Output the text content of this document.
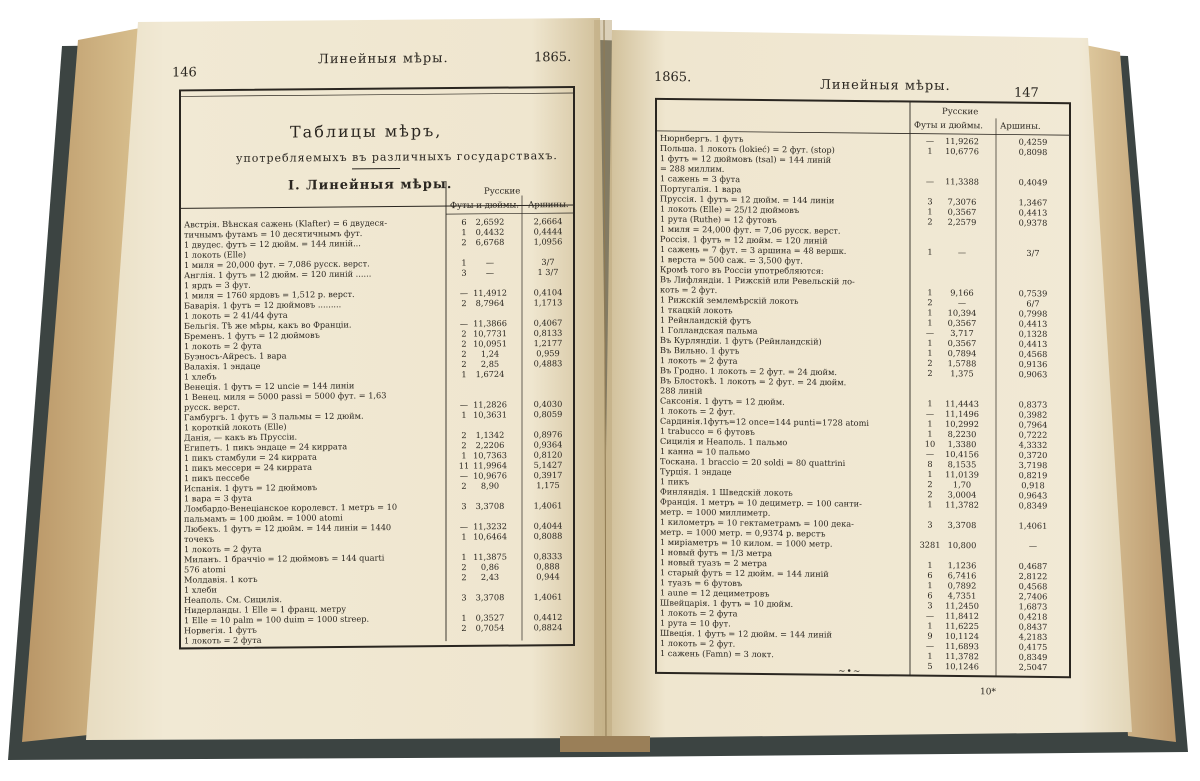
146
Линейныя мѣры.	1865.
Таблицы мѣръ,
употребляемыхъ въ различныхъ государствахъ.
I. Линейныя мѣры.	Русские
Футы и дюймы. Аршины.
Австрія. Вѣнская сажень (Klafter) = 6 двудеся-	6 2,6592	2,6664
тичнымъ футамъ = 10 десятичнымъ фут.	1 0,4432	0,4444
1 двудес. футъ = 12 дюйм. = 144 линій...	2 6,6768	1,0956
1 локоть (Elle)
1 миля = 20,000 фут. = 7,086 русск. верст.	1 —	3/7
Англія. 1 футъ = 12 дюйм. = 120 линій ......	3 —	1 3/7
1 ярдъ = 3 фут.
1 миля = 1760 ярдовъ = 1,512 р. верст.	— 11,4912	0,4104
Баварія. 1 футъ = 12 дюймовъ .........	2 8,7964	1,1713
1 локоть = 2 41/44 фута
Бельгія. Тѣ же мѣры, какъ во Франціи.	— 11,3866	0,4067
Бременъ. 1 футъ = 12 дюймовъ	2 10,7731	0,8133
1 локоть = 2 фута	2 10,0951	1,2177
Буэносъ-Айресъ. 1 вара	2 1,24	0,959
Валахія. 1 эндаце	2 2,85	0,4883
1 хлебъ	1 1,6724
Венеція. 1 футъ = 12 uncie = 144 линіи
1 Венец. миля = 5000 passi = 5000 фут. = 1,63
русск. верст.	— 11,2826	0,4030
Гамбургъ. 1 футъ = 3 пальмы = 12 дюйм.	1 10,3631	0,8059
1 короткій локоть (Elle)
Данія, — какъ въ Пруссіи.	2 1,1342	0,8976
Египетъ. 1 пикъ эндаце = 24 киррата	2 2,2206	0,9364
1 пикъ стамбули = 24 киррата	1 10,7363	0,8120
1 пикъ мессери = 24 киррата	11 11,9964	5,1427
1 пикъ пессебе	— 10,9676	0,3917
Испанія. 1 футъ = 12 дюймовъ	2 8,90	1,175
1 вара = 3 фута
Ломбардо-Венеціанское королевст. 1 метръ = 10	3 3,3708	1,4061
пальмамъ = 100 дюйм. = 1000 atomi
Любекъ. 1 футъ = 12 дюйм. = 144 линіи = 1440	— 11,3232	0,4044
точекъ	1 10,6464	0,8088
1 локоть = 2 фута
Миланъ. 1 браччіо = 12 дюймовъ = 144 quarti	1 11,3875	0,8333
576 atomi	2 0,86	0,888
Молдавія. 1 котъ	2 2,43	0,944
1 хлеби
Неаполь. См. Сицилія.	3 3,3708	1,4061
Нидерланды. 1 Elle = 1 франц. метру
1 Elle = 10 palm = 100 duim = 1000 streep.	1 0,3527	0,4412
Норвегія. 1 футъ	2 0,7054	0,8824
1 локоть = 2 фута
1865.
Линейныя мѣры.	147
Русские
Футы и дюймы. Аршины.
Нюрнбергъ. 1 футъ	— 11,9262	0,4259
Польша. 1 локоть (lokieć) = 2 фут. (stop)	1 10,6776	0,8098
1 футъ = 12 дюймовъ (tsal) = 144 линій
= 288 миллим.
1 сажень = 3 фута	— 11,3388	0,4049
Португалія. 1 вара
Пруссія. 1 футъ = 12 дюйм. = 144 линіи	3 7,3076	1,3467
1 локоть (Elle) = 25/12 дюймовъ	1 0,3567	0,4413
1 рута (Ruthe) = 12 футовъ	2 2,2579	0,9378
1 миля = 24,000 фут. = 7,06 русск. верст.
Россія. 1 футъ = 12 дюйм. = 120 линій
1 сажень = 7 фут. = 3 аршина = 48 вершк.	1	—	3/7
1 верста = 500 саж. = 3,500 фут.
Кромѣ того въ Россіи употребляются:
Въ Лифляндіи. 1 Рижскій или Ревельскій ло-
коть = 2 фут.	1 9,166	0,7539
1 Рижскій землемѣрскій локоть	2	—	6/7
1 ткацкій локоть	1 10,394	0,7998
1 Рейнландскій футъ	1 0,3567	0,4413
1 Голландская пальма	— 3,717	0,1328
Въ Курляндіи. 1 футъ (Рейнландскій)	1 0,3567	0,4413
Въ Вильно. 1 футъ	1 0,7894	0,4568
1 локоть = 2 фута	2 1,5788	0,9136
Въ Гродно. 1 локоть = 2 фут. = 24 дюйм.	2 1,375	0,9063
Въ Блостокѣ. 1 локоть = 2 фут. = 24 дюйм.
288 линій
Саксонія. 1 футъ = 12 дюйм.	1 11,4443	0,8373
1 локоть = 2 фут.	— 11,1496	0,3982
Сардинія.1футъ=12 once=144 punti=1728 atomi	1 10,2992	0,7964
1 trabucco = 6 футовъ	1 8,2230	0,7222
Сицилія и Неаполь. 1 пальмо	10 1,3380	4,3332
1 канна = 10 пальмо	— 10,4156	0,3720
Тоскана. 1 braccio = 20 soldi = 80 quattrini	8 8,1535	3,7198
Турція. 1 эндаце	1 11,0139	0,8219
1 пикъ	2 1,70	0,918
Финляндія. 1 Шведскій локоть	2 3,0004	0,9643
Франція. 1 метръ = 10 дециметр. = 100 санти-	1 11,3782	0,8349
метр. = 1000 миллиметр.
1 километръ = 10 гектаметрамъ = 100 дека-	3 3,3708	1,4061
метр. = 1000 метр. = 0,9374 р. верстъ
1 миріаметръ = 10 килом. = 1000 метр.	3281 10,800	—
1 новый футъ = 1/3 метра
1 новый туазъ = 2 метра	1 1,1236	0,4687
1 старый футъ = 12 дюйм. = 144 линій	6 6,7416	2,8122
1 туазъ = 6 футовъ	1 0,7892	0,4568
1 aune = 12 дециметровъ	6 4,7351	2,7406
Швейцарія. 1 футъ = 10 дюйм.	3 11,2450	1,6873
1 локоть = 2 фута	— 11,8412	0,4218
1 рута = 10 фут.	1 11,6225	0,8437
Швеція. 1 футъ = 12 дюйм. = 144 линій	9 10,1124	4,2183
1 локоть = 2 фут.	— 11,6893	0,4175
1 сажень (Famn) = 3 локт.	1 11,3782	0,8349
5 10,1246	2,5047
~•~
10*
